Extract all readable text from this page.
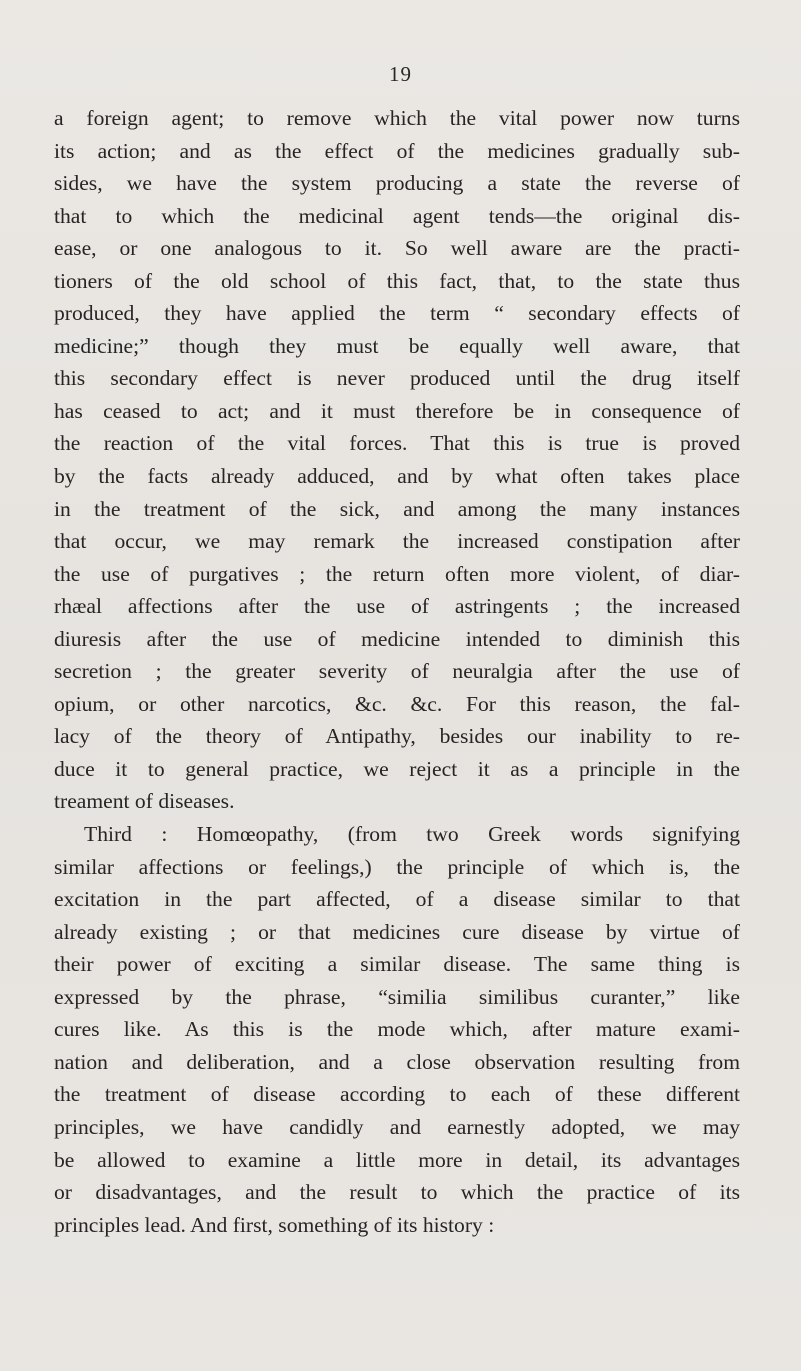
19
a foreign agent; to remove which the vital power now turns
its action; and as the effect of the medicines gradually sub-
sides, we have the system producing a state the reverse of
that to which the medicinal agent tends—the original dis-
ease, or one analogous to it. So well aware are the practi-
tioners of the old school of this fact, that, to the state thus
produced, they have applied the term “ secondary effects of
medicine;” though they must be equally well aware, that
this secondary effect is never produced until the drug itself
has ceased to act; and it must therefore be in consequence of
the reaction of the vital forces. That this is true is proved
by the facts already adduced, and by what often takes place
in the treatment of the sick, and among the many instances
that occur, we may remark the increased constipation after
the use of purgatives ; the return often more violent, of diar-
rhæal affections after the use of astringents ; the increased
diuresis after the use of medicine intended to diminish this
secretion ; the greater severity of neuralgia after the use of
opium, or other narcotics, &c. &c. For this reason, the fal-
lacy of the theory of Antipathy, besides our inability to re-
duce it to general practice, we reject it as a principle in the
treament of diseases.
Third : Homœopathy, (from two Greek words signifying
similar affections or feelings,) the principle of which is, the
excitation in the part affected, of a disease similar to that
already existing ; or that medicines cure disease by virtue of
their power of exciting a similar disease. The same thing is
expressed by the phrase, “similia similibus curanter,” like
cures like. As this is the mode which, after mature exami-
nation and deliberation, and a close observation resulting from
the treatment of disease according to each of these different
principles, we have candidly and earnestly adopted, we may
be allowed to examine a little more in detail, its advantages
or disadvantages, and the result to which the practice of its
principles lead. And first, something of its history :
